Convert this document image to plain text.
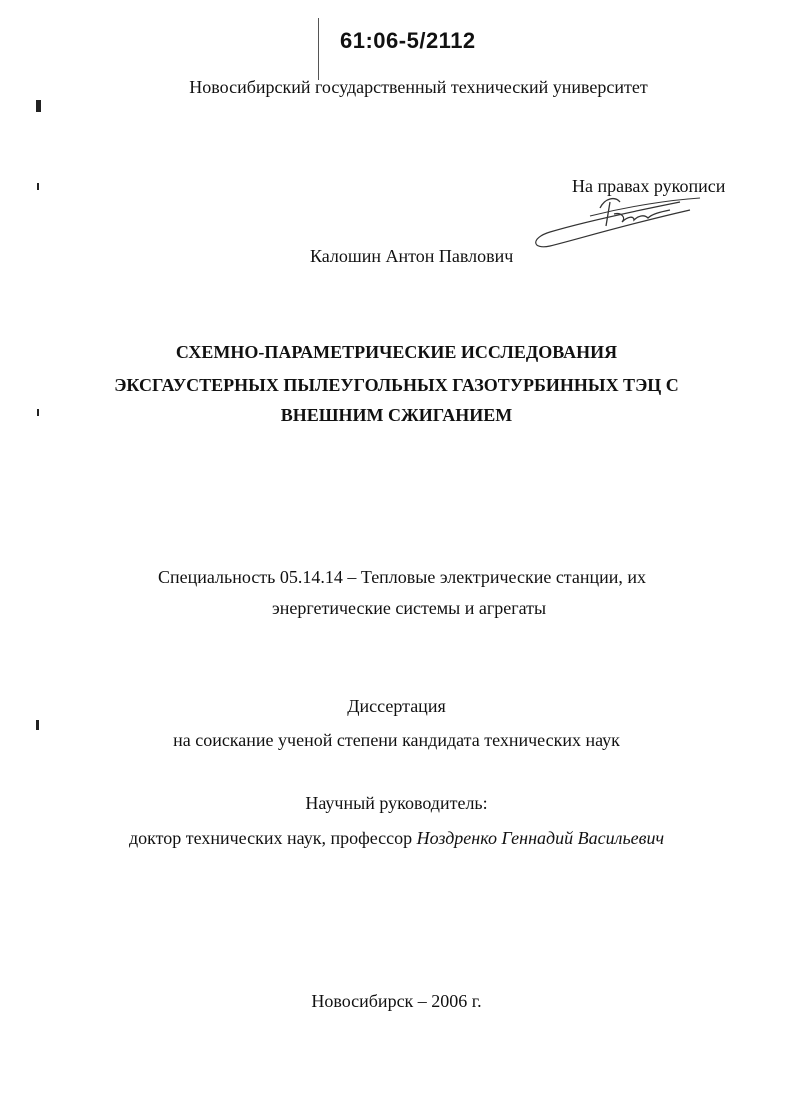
61:06-5/2112
Новосибирский государственный технический университет
На правах рукописи
Калошин Антон Павлович
СХЕМНО-ПАРАМЕТРИЧЕСКИЕ ИССЛЕДОВАНИЯ
ЭКСГАУСТЕРНЫХ ПЫЛЕУГОЛЬНЫХ ГАЗОТУРБИННЫХ ТЭЦ С
ВНЕШНИМ СЖИГАНИЕМ
Специальность 05.14.14 – Тепловые электрические станции, их
энергетические системы и агрегаты
Диссертация
на соискание ученой степени кандидата технических наук
Научный руководитель:
доктор технических наук, профессор Ноздренко Геннадий Васильевич
Новосибирск – 2006 г.
